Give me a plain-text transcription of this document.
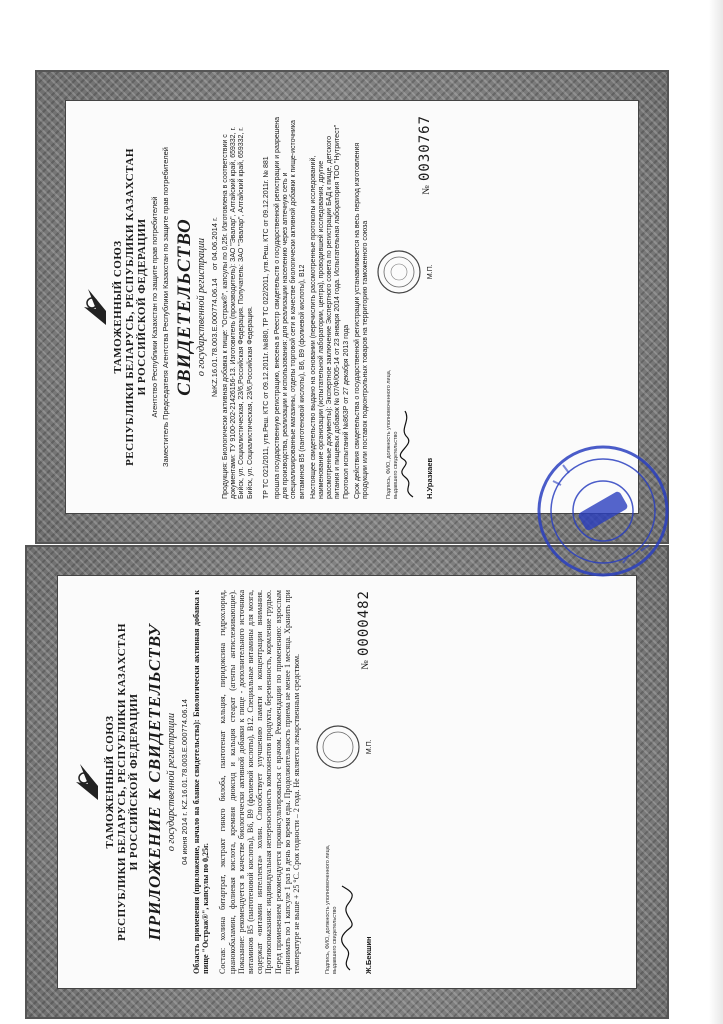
ТАМОЖЕННЫЙ СОЮЗ РЕСПУБЛИКИ БЕЛАРУСЬ, РЕСПУБЛИКИ КАЗАХСТАН И РОССИЙСКОЙ ФЕДЕРАЦИИ Агентство Республики Казахстан по защите прав потребителей Заместитель Председателя Агентства Республики Казахстан по защите прав потребителей СВИДЕТЕЛЬСТВО о государственной регистрации №KZ.16.01.78.003.Е.000774.06.14    от 04.06.2014 г. Продукция: Биологически активная добавка к пище: "Остраж®", капсулы по 0,25г. Изготовлена в соответствии с документами: ТУ 9100-202-21426156-13. Изготовитель (производитель): ЗАО "Эвалар", Алтайский край, 659332, г. Бийск, ул. Социалистическая, 23/6,Российская Федерация. Получатель: ЗАО "Эвалар", Алтайский край, 659332, г. Бийск, ул. Социалистическая, 23/6,Российская Федерация. ТР ТС 021/2011, утв.Реш. КТС от 09.12.2011г. №880, ТР ТС 022/2011, утв.Реш. КТС от 09.12.2011г. № 881 прошла государственную регистрацию, внесена в Реестр свидетельств о государственной регистрации и разрешена для производства, реализации и использования: для реализации населению через аптечную сеть и специализированные магазины, отделы торговой сети в качестве биологически активной добавки к пище-источника витаминов В5 (пантотеновой кислоты), В6, В9 (фолиевой кислоты), В12 Настоящее свидетельство выдано на основании (перечислить рассмотренные протоколы исследований, наименование организации (испытательной лаборатории, центра), проводившей исследования, другие рассмотренные документы): Экспертное заключение Экспертного совета по регистрации БАД к пище, детского питания и пищевых добавок № 07/Ф/005-14 от 23 января 2014 года. Испытательная лаборатория ТОО "Нутритест" Протокол испытаний №863Р от 27 декабря 2013 года Срок действия свидетельства о государственной регистрации устанавливается на весь период изготовления продукции или поставок подконтрольных товаров на территорию таможенного союза	Подпись, ФИО, должность уполномоченного лица, выдавшего свидетельство	Н.Уразкаев
М.П.
№ 0030767
ТАМОЖЕННЫЙ СОЮЗ РЕСПУБЛИКИ БЕЛАРУСЬ, РЕСПУБЛИКИ КАЗАХСТАН И РОССИЙСКОЙ ФЕДЕРАЦИИ ПРИЛОЖЕНИЕ К СВИДЕТЕЛЬСТВУ о государственной регистрации 04 июня 2014 г. KZ.16.01.78.003.Е.000774.06.14 Область применения (приложение, начало на бланке свидетельства): Биологически активная добавка к пище "Остраж®", капсулы по 0,25г. Состав: холина битартрат, экстракт гинкго билоба, пантотенат кальция, пиридоксина гидрохлорид, цианокобаламин, фолиевая кислота, кремния диоксид и кальция стеарат (агенты антислеживающие). Показание: рекомендуется в качестве биологически активной добавки к пище - дополнительного источника витаминов В5 (пантотеновой кислоты), В6, В9 (фолиевой кислоты), В12. Специальные витамины для мозга, содержат «витамин интеллекта» холин. Способствует улучшению памяти и концентрации внимания. Противопоказания: индивидуальная непереносимость компонентов продукта, беременность, кормление грудью. Перед применением рекомендуется проконсультироваться с врачом. Рекомендации по применению: взрослым принимать по 1 капсуле 1 раз в день во время еды. Продолжительность приема не менее 1 месяца. Хранить при температуре не выше + 25 °С. Срок годности – 2 года. Не является лекарственным средством.	Подпись, ФИО, должность уполномоченного лица, выдавшего свидетельство	Ж.Бекшин
М.П.
№ 0000482
